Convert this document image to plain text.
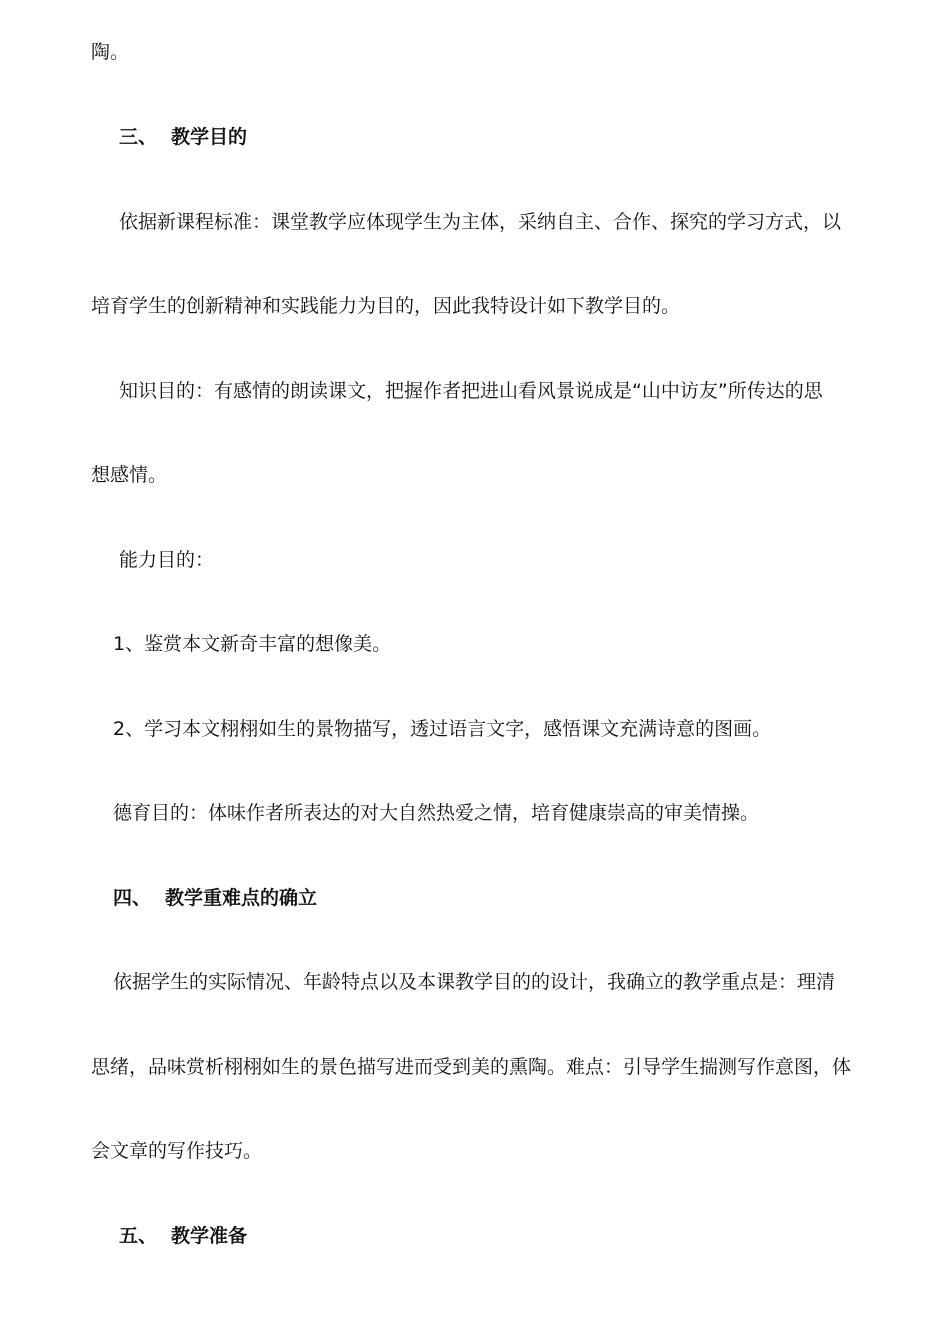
陶。
三、 教学目的
依据新课程标准：课堂教学应体现学生为主体，采纳自主、合作、探究的学习方式，以
培育学生的创新精神和实践能力为目的，因此我特设计如下教学目的。
知识目的：有感情的朗读课文，把握作者把进山看风景说成是“山中访友”所传达的思
想感情。
能力目的：
1、鉴赏本文新奇丰富的想像美。
2、学习本文栩栩如生的景物描写，透过语言文字，感悟课文充满诗意的图画。
德育目的：体味作者所表达的对大自然热爱之情，培育健康崇高的审美情操。
四、 教学重难点的确立
依据学生的实际情况、年龄特点以及本课教学目的的设计，我确立的教学重点是：理清
思绪，品味赏析栩栩如生的景色描写进而受到美的熏陶。难点：引导学生揣测写作意图，体
会文章的写作技巧。
五、 教学准备
